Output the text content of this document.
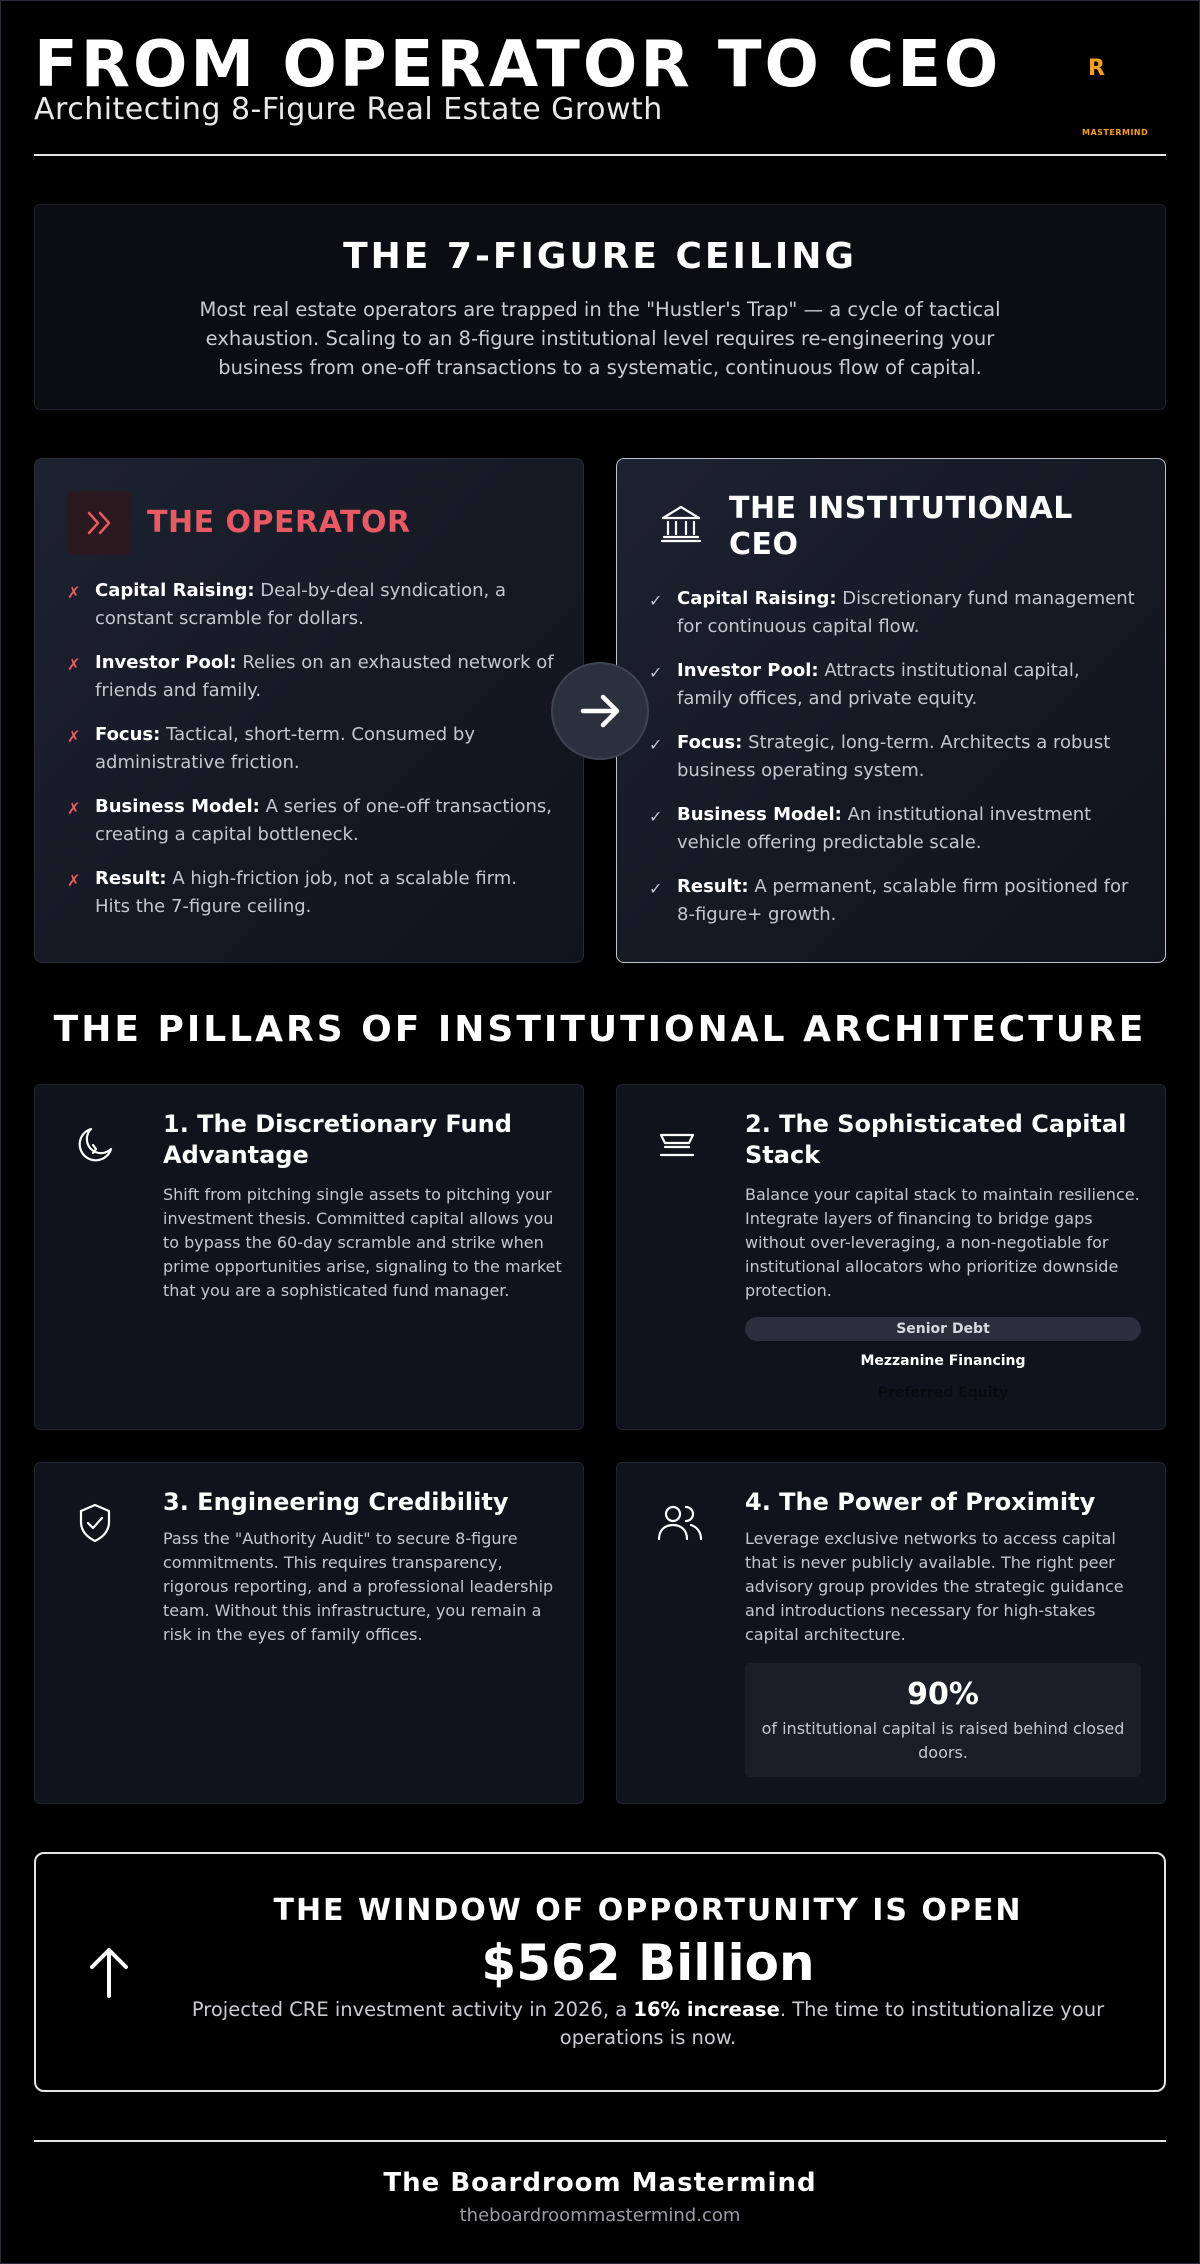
FROM OPERATOR TO CEO
Architecting 8-Figure Real Estate Growth
R
MASTERMIND
THE 7-FIGURE CEILING

Most real estate operators are trapped in the "Hustler's Trap" — a cycle of tactical exhaustion. Scaling to an 8-figure institutional level requires re-engineering your business from one-off transactions to a systematic, continuous flow of capital.

THE OPERATOR
✗ Capital Raising: Deal-by-deal syndication, a constant scramble for dollars.
✗ Investor Pool: Relies on an exhausted network of friends and family.
✗ Focus: Tactical, short-term. Consumed by administrative friction.
✗ Business Model: A series of one-off transactions, creating a capital bottleneck.
✗ Result: A high-friction job, not a scalable firm. Hits the 7-figure ceiling.
THE INSTITUTIONAL CEO
✓ Capital Raising: Discretionary fund management for continuous capital flow.
✓ Investor Pool: Attracts institutional capital, family offices, and private equity.
✓ Focus: Strategic, long-term. Architects a robust business operating system.
✓ Business Model: An institutional investment vehicle offering predictable scale.
✓ Result: A permanent, scalable firm positioned for 8-figure+ growth.
THE PILLARS OF INSTITUTIONAL ARCHITECTURE
1. The Discretionary Fund Advantage

Shift from pitching single assets to pitching your investment thesis. Committed capital allows you to bypass the 60-day scramble and strike when prime opportunities arise, signaling to the market that you are a sophisticated fund manager.

2. The Sophisticated Capital Stack

Balance your capital stack to maintain resilience. Integrate layers of financing to bridge gaps without over-leveraging, a non-negotiable for institutional allocators who prioritize downside protection.

Senior Debt
Mezzanine Financing
Preferred Equity
3. Engineering Credibility

Pass the "Authority Audit" to secure 8-figure commitments. This requires transparency, rigorous reporting, and a professional leadership team. Without this infrastructure, you remain a risk in the eyes of family offices.

4. The Power of Proximity

Leverage exclusive networks to access capital that is never publicly available. The right peer advisory group provides the strategic guidance and introductions necessary for high-stakes capital architecture.

90%
of institutional capital is raised behind closed doors.
THE WINDOW OF OPPORTUNITY IS OPEN
$562 Billion
Projected CRE investment activity in 2026, a 16% increase. The time to institutionalize your operations is now.
The Boardroom Mastermind
theboardroommastermind.com
